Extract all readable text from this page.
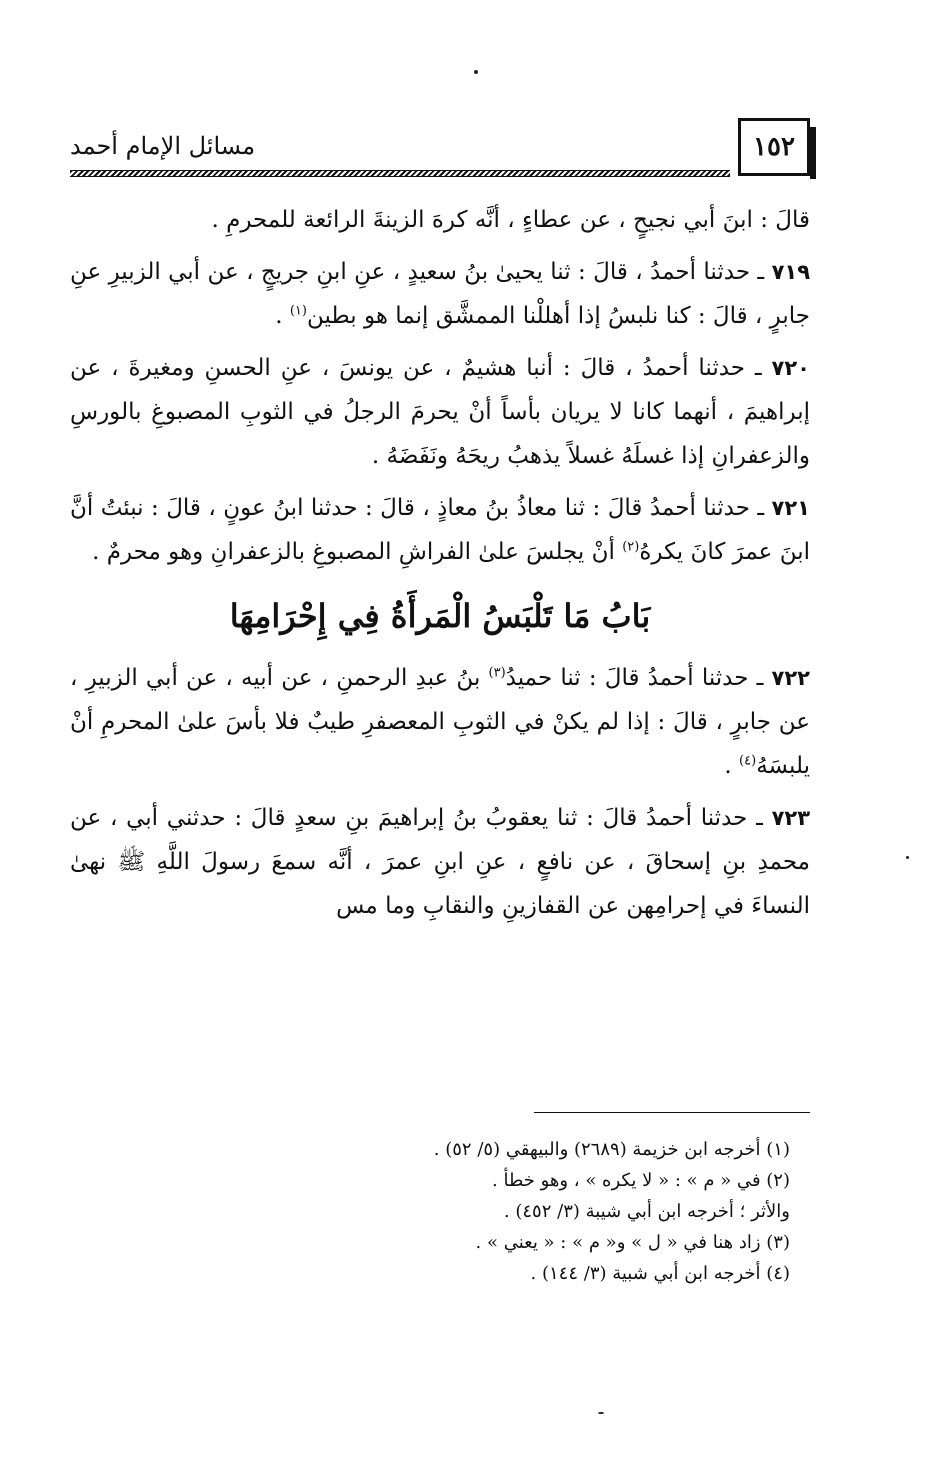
١٥٢
مسائل الإمام أحمد

قالَ : ابنَ أبي نجيحٍ ، عن عطاءٍ ، أنَّه كرهَ الزينةَ الرائعة للمحرمِ .

٧١٩ ـ حدثنا أحمدُ ، قالَ : ثنا يحيىٰ بنُ سعيدٍ ، عنِ ابنِ جريجٍ ، عن أبي الزبيرِ عنِ جابرٍ ، قالَ : كنا نلبسُ إذا أهللْنا الممشَّق إنما هو بطين$^{(١)}$ .

٧٢٠ ـ حدثنا أحمدُ ، قالَ : أنبا هشيمٌ ، عن يونسَ ، عنِ الحسنِ ومغيرةَ ، عن إبراهيمَ ، أنهما كانا لا يريان بأساً أنْ يحرمَ الرجلُ في الثوبِ المصبوغِ بالورسِ والزعفرانِ إذا غسلَهُ غسلاً يذهبُ ريحَهُ ونَفَضَهُ .

٧٢١ ـ حدثنا أحمدُ قالَ : ثنا معاذُ بنُ معاذٍ ، قالَ : حدثنا ابنُ عونٍ ، قالَ : نبئتُ أنَّ ابنَ عمرَ كانَ يكرهُ$^{(٢)}$ أنْ يجلسَ علىٰ الفراشِ المصبوغِ بالزعفرانِ وهو محرمٌ .

بَابُ مَا تَلْبَسُ الْمَرأَةُ فِي إِحْرَامِهَا

٧٢٢ ـ حدثنا أحمدُ قالَ : ثنا حميدُ$^{(٣)}$ بنُ عبدِ الرحمنِ ، عن أبيه ، عن أبي الزبيرِ ، عن جابرٍ ، قالَ : إذا لم يكنْ في الثوبِ المعصفرِ طيبٌ فلا بأسَ علىٰ المحرمِ أنْ يلبسَهُ$^{(٤)}$ .

٧٢٣ ـ حدثنا أحمدُ قالَ : ثنا يعقوبُ بنُ إبراهيمَ بنِ سعدٍ قالَ : حدثني أبي ، عن محمدِ بنِ إسحاقَ ، عن نافعٍ ، عنِ ابنِ عمرَ ، أنَّه سمعَ رسولَ اللَّهِ ﷺ نهىٰ النساءَ في إحرامِهن عن القفازينِ والنقابِ وما مس

(١) أخرجه ابن خزيمة (٢٦٨٩) والبيهقي (٥/ ٥٢) .
(٢) في « م » : « لا يكره » ، وهو خطأ .
والأثر ؛ أخرجه ابن أبي شيبة (٣/ ٤٥٢) .
(٣) زاد هنا في « ل » و« م » : « يعني » .
(٤) أخرجه ابن أبي شبية (٣/ ١٤٤) .
